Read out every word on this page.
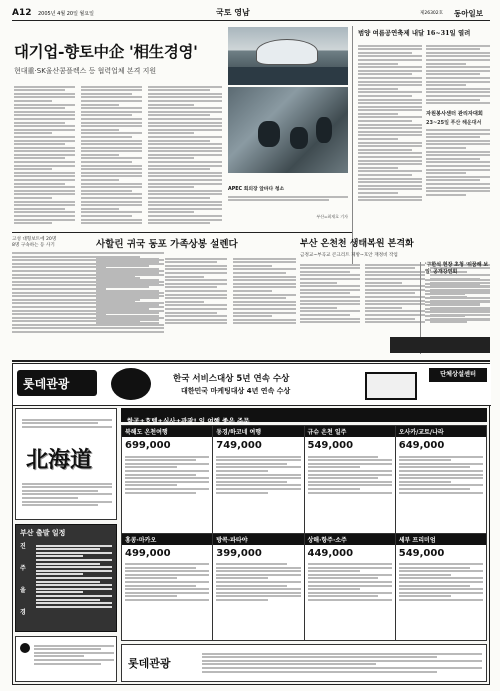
A12 2005년 4월 20일 월요일	국토 영남	제26302호 동아일보
대기업-향토中企 '相生경영'
현대重·SK울산콤플렉스 등 협력업체 본격 지원
APEC 회의장 앞바다 청소
부산=최재호 기자
범양 여름공연축제 내달 16~31일 열려
자원봉사센터 관리자대회
23~25일 푸산 해운대서
고성 대형보트에 20명
8명 구속하는 등 사기	사할린 귀국 동포 가족상봉 설렌다	부산 온천천 생태복원 본격화
금정교~부곡교 콘크리트 제방~호안 재정비 작업
'구한석 현장 초청 '뒤꿈해 보일' 공개강연회
롯데관광	한국 서비스대상 5년 연속 수상
대한민국 마케팅대상 4년 연속 수상
단체상설센터
北海道
부산 출발 일정
진
주
울
경
항공+호텔+식사+관광! 일 여행 좋은 주문
북해도 온천여행
699,000
동경/하코네 여행
749,000
규슈 온천 일주
549,000
오사카/교토/나라
649,000
홍콩·마카오
499,000
방콕·파타야
399,000
상해·항주·소주
449,000
세부 프리미엄
549,000
롯데관광
